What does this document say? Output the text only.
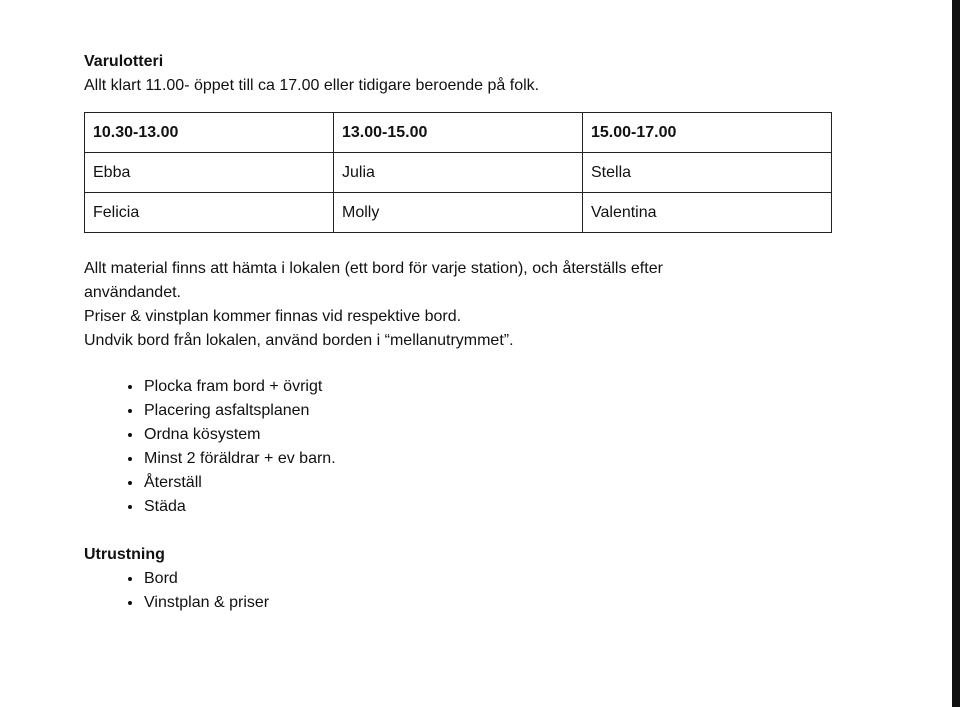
Varulotteri

Allt klart 11.00- öppet till ca 17.00 eller tidigare beroende på folk.

10.30-13.00	13.00-15.00	15.00-17.00
Ebba	Julia	Stella
Felicia	Molly	Valentina

Allt material finns att hämta i lokalen (ett bord för varje station), och återställs efter användandet.

Priser & vinstplan kommer finnas vid respektive bord.

Undvik bord från lokalen, använd borden i “mellanutrymmet”.

• Plocka fram bord + övrigt
• Placering asfaltsplanen
• Ordna kösystem
• Minst 2 föräldrar + ev barn.
• Återställ
• Städa

Utrustning

• Bord
• Vinstplan & priser
